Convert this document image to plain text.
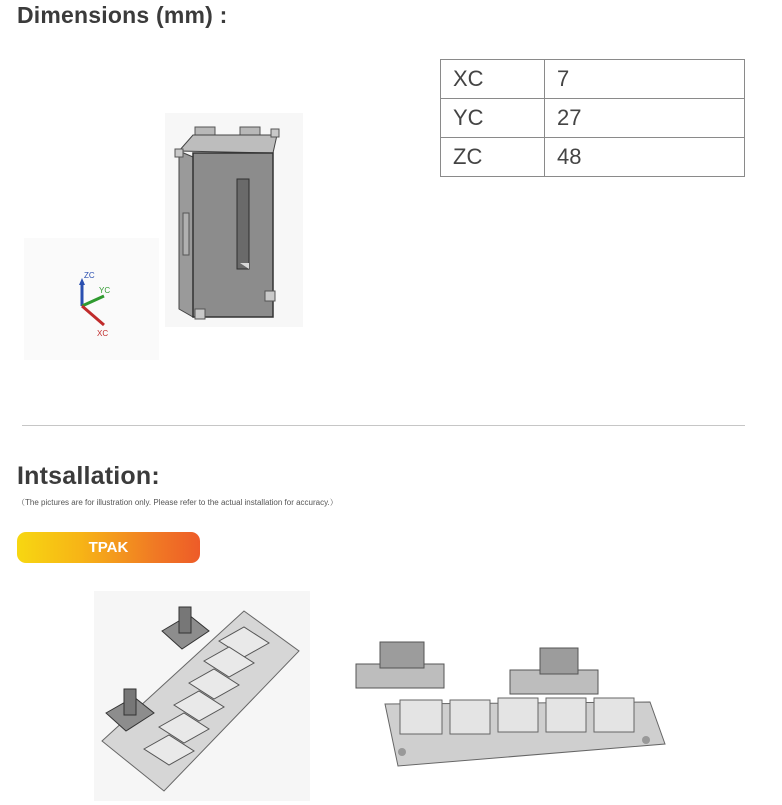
Dimensions (mm) :
ZC
YC
XC
XC	7
YC	27
ZC	48
Intsallation:
（The pictures are for illustration only. Please refer to the actual installation for accuracy.）
TPAK
